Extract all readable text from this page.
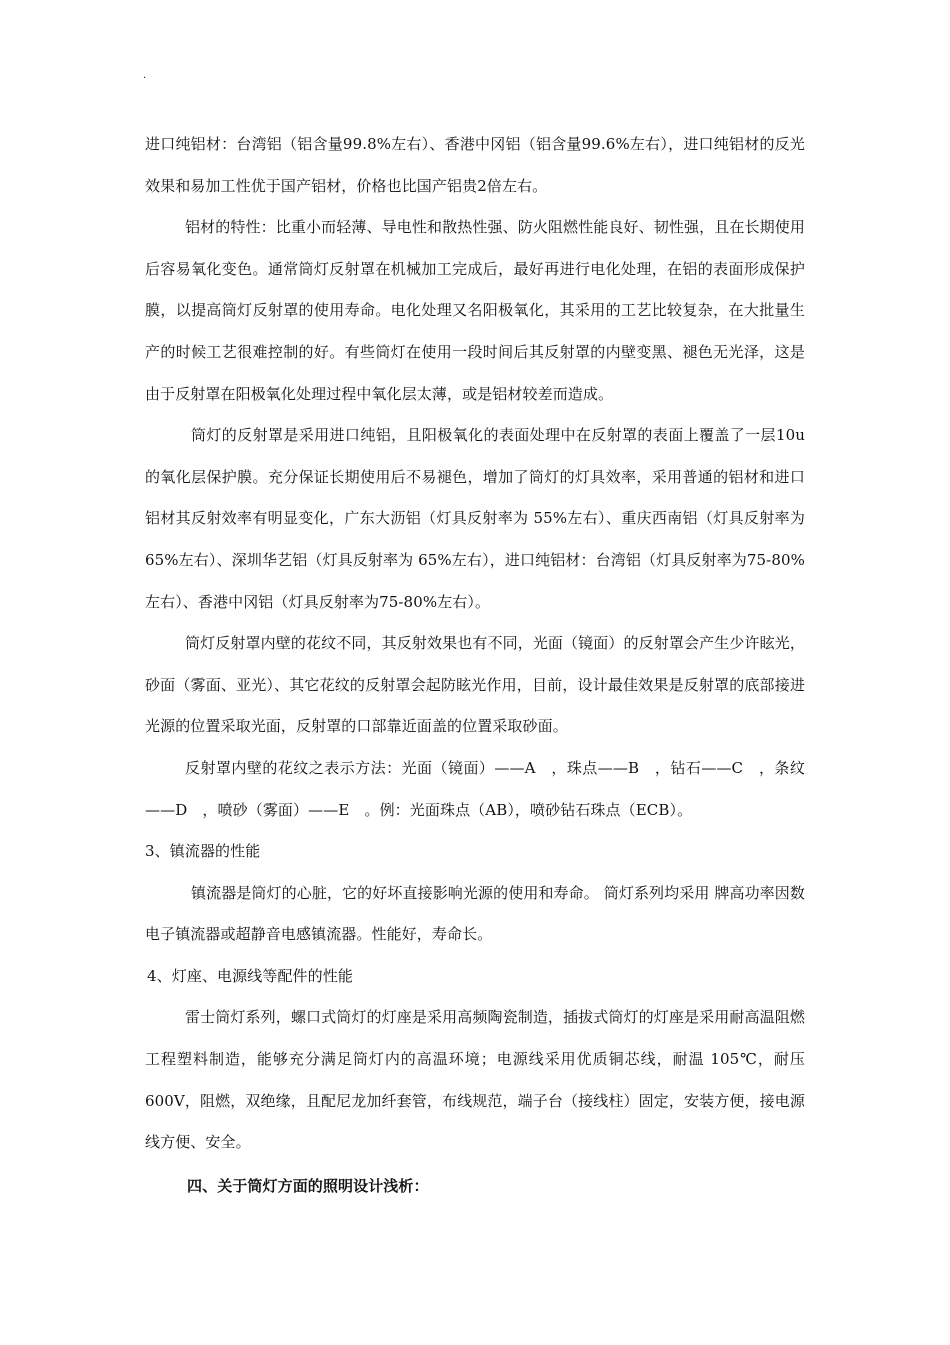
.

进口纯铝材：台湾铝（铝含量99.8%左右）、香港中冈铝（铝含量99.6%左右），进口纯铝材的反光效果和易加工性优于国产铝材，价格也比国产铝贵2倍左右。

铝材的特性：比重小而轻薄、导电性和散热性强、防火阻燃性能良好、韧性强，且在长期使用后容易氧化变色。通常筒灯反射罩在机械加工完成后，最好再进行电化处理，在铝的表面形成保护膜，以提高筒灯反射罩的使用寿命。电化处理又名阳极氧化，其采用的工艺比较复杂，在大批量生产的时候工艺很难控制的好。有些筒灯在使用一段时间后其反射罩的内壁变黑、褪色无光泽，这是由于反射罩在阳极氧化处理过程中氧化层太薄，或是铝材较差而造成。

筒灯的反射罩是采用进口纯铝，且阳极氧化的表面处理中在反射罩的表面上覆盖了一层10u 的氧化层保护膜。充分保证长期使用后不易褪色，增加了筒灯的灯具效率，采用普通的铝材和进口铝材其反射效率有明显变化，广东大沥铝（灯具反射率为 55%左右）、重庆西南铝（灯具反射率为 65%左右）、深圳华艺铝（灯具反射率为 65%左右），进口纯铝材：台湾铝（灯具反射率为75-80%左右）、香港中冈铝（灯具反射率为75-80%左右）。

筒灯反射罩内壁的花纹不同，其反射效果也有不同，光面（镜面）的反射罩会产生少许眩光，砂面（雾面、亚光）、其它花纹的反射罩会起防眩光作用，目前，设计最佳效果是反射罩的底部接进光源的位置采取光面，反射罩的口部靠近面盖的位置采取砂面。

反射罩内壁的花纹之表示方法：光面（镜面）——A　，珠点——B　，钻石——C　，条纹——D　，喷砂（雾面）——E　。例：光面珠点（AB），喷砂钻石珠点（ECB）。

3、镇流器的性能

镇流器是筒灯的心脏，它的好坏直接影响光源的使用和寿命。 筒灯系列均采用 牌高功率因数电子镇流器或超静音电感镇流器。性能好，寿命长。

4、灯座、电源线等配件的性能

雷士筒灯系列，螺口式筒灯的灯座是采用高频陶瓷制造，插拔式筒灯的灯座是采用耐高温阻燃工程塑料制造，能够充分满足筒灯内的高温环境；电源线采用优质铜芯线，耐温 105℃，耐压600V，阻燃，双绝缘，且配尼龙加纤套管，布线规范，端子台（接线柱）固定，安装方便，接电源线方便、安全。

四、关于筒灯方面的照明设计浅析：
